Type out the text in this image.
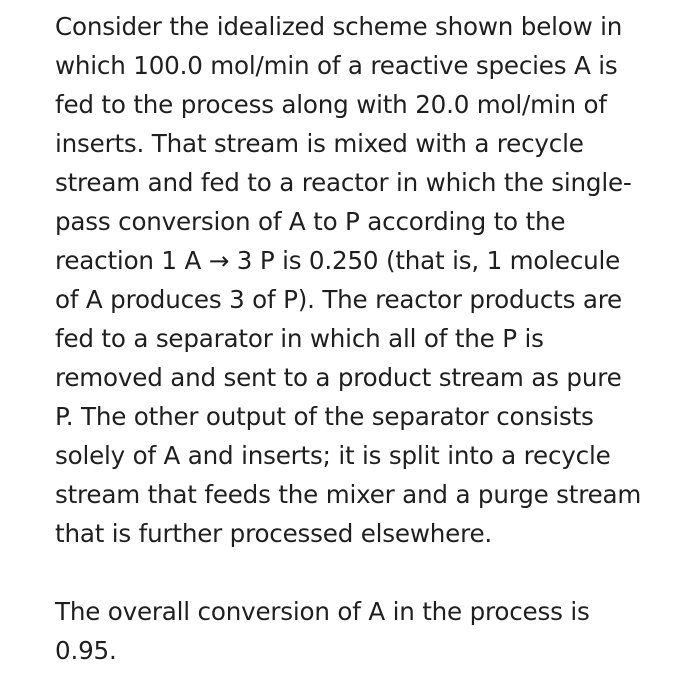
Consider the idealized scheme shown below in
which 100.0 mol/min of a reactive species A is
fed to the process along with 20.0 mol/min of
inserts. That stream is mixed with a recycle
stream and fed to a reactor in which the single-
pass conversion of A to P according to the
reaction 1 A → 3 P is 0.250 (that is, 1 molecule
of A produces 3 of P). The reactor products are
fed to a separator in which all of the P is
removed and sent to a product stream as pure
P. The other output of the separator consists
solely of A and inserts; it is split into a recycle
stream that feeds the mixer and a purge stream
that is further processed elsewhere.
The overall conversion of A in the process is
0.95.
